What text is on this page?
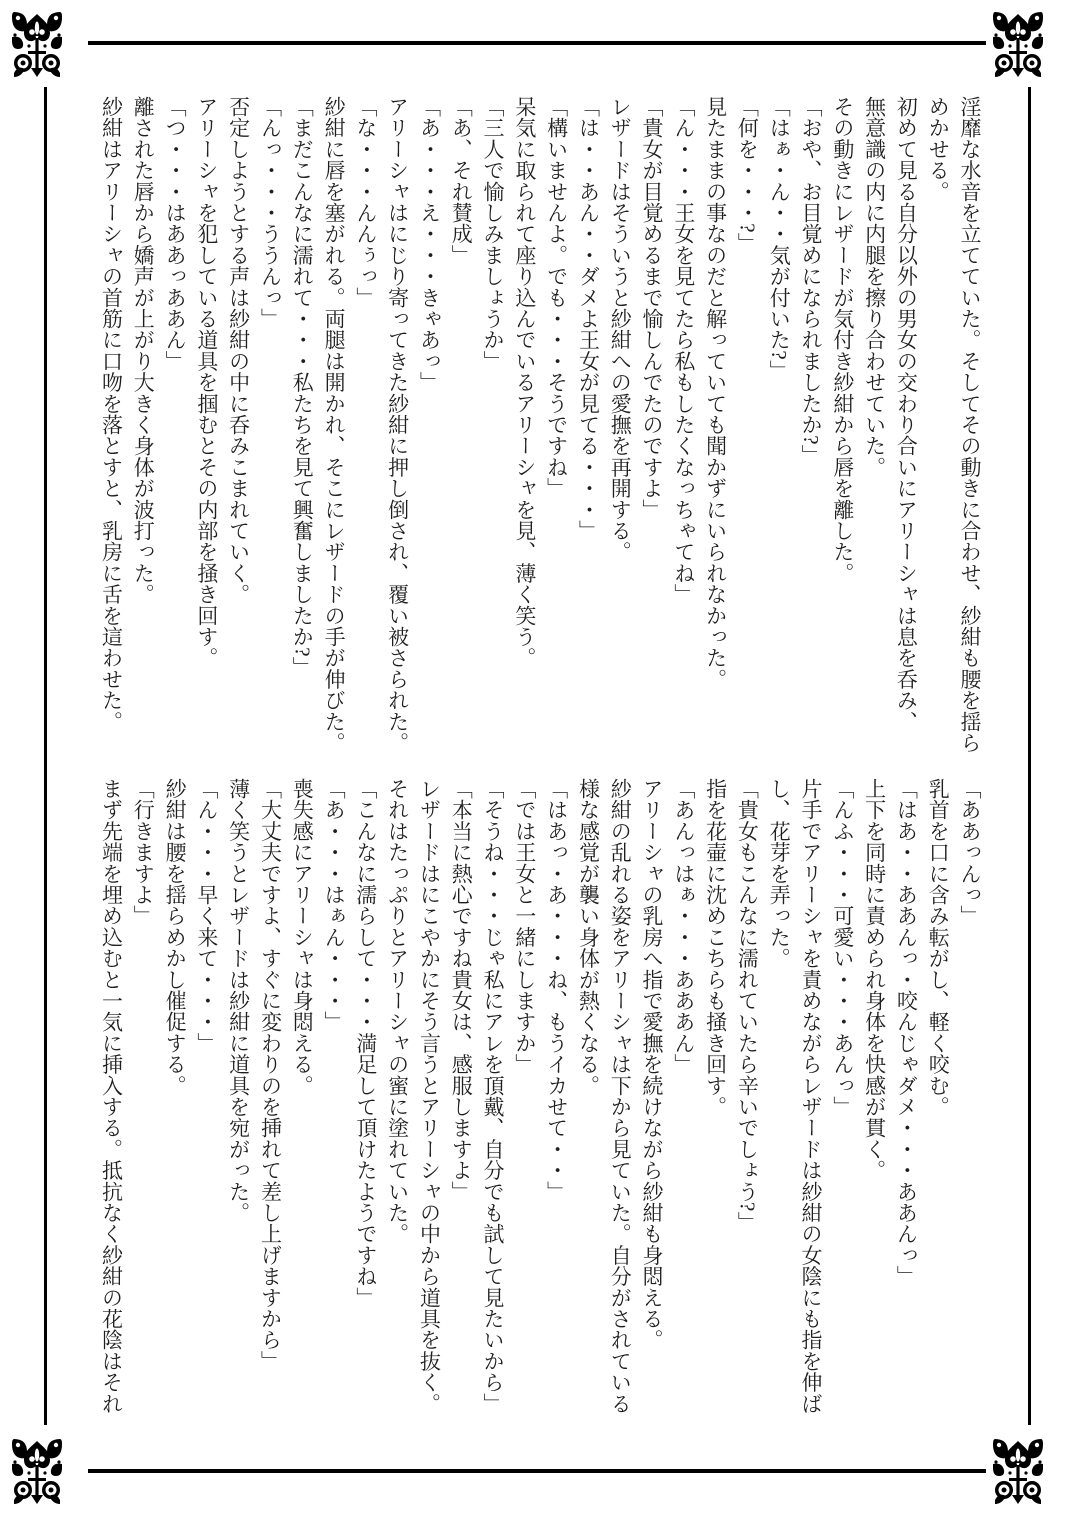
淫靡な水音を立てていた。そしてその動きに合わせ、紗紺も腰を揺ら

めかせる。

初めて見る自分以外の男女の交わり合いにアリーシャは息を呑み、

無意識の内に内腿を擦り合わせていた。

その動きにレザードが気付き紗紺から唇を離した。

「おや、お目覚めになられましたか?」

「はぁ・ん・・気が付いた?」

「何を・・・?」

見たままの事なのだと解っていても聞かずにいられなかった。

「ん・・・王女を見てたら私もしたくなっちゃてね」

「貴女が目覚めるまで愉しんでたのですよ」

レザードはそういうと紗紺への愛撫を再開する。

「は・・あん・・ダメよ王女が見てる・・・」

「構いませんよ。でも・・・そうですね」

呆気に取られて座り込んでいるアリーシャを見、薄く笑う。

「三人で愉しみましょうか」

「あ、それ賛成」

「あ・・・え・・・きゃあっ」

アリーシャはにじり寄ってきた紗紺に押し倒され、覆い被さられた。

「な・・・んんぅっ」

紗紺に唇を塞がれる。両腿は開かれ、そこにレザードの手が伸びた。

「まだこんなに濡れて・・・私たちを見て興奮しましたか?」

「んっ・・・ううんっ」

否定しようとする声は紗紺の中に呑みこまれていく。

アリーシャを犯している道具を掴むとその内部を掻き回す。

「つ・・・はああっああん」

離された唇から嬌声が上がり大きく身体が波打った。

紗紺はアリーシャの首筋に口吻を落とすと、乳房に舌を這わせた。

「ああっんっ」

乳首を口に含み転がし、軽く咬む。

「はあ・・ああんっ・咬んじゃダメ・・・ああんっ」

上下を同時に責められ身体を快感が貫く。

「んふ・・・可愛い・・・あんっ」

片手でアリーシャを責めながらレザードは紗紺の女陰にも指を伸ば

し、花芽を弄った。

「貴女もこんなに濡れていたら辛いでしょう?」

指を花壷に沈めこちらも掻き回す。

「あんっはぁ・・・あああん」

アリーシャの乳房へ指で愛撫を続けながら紗紺も身悶える。

紗紺の乱れる姿をアリーシャは下から見ていた。自分がされている

様な感覚が襲い身体が熱くなる。

「はあっ・あ・・・ね、もうイカせて・・」

「では王女と一緒にしますか」

「そうね・・・じゃ私にアレを頂戴、自分でも試して見たいから」

「本当に熱心ですね貴女は、感服しますよ」

レザードはにこやかにそう言うとアリーシャの中から道具を抜く。

それはたっぷりとアリーシャの蜜に塗れていた。

「こんなに濡らして・・・満足して頂けたようですね」

「あ・・・はぁん・・・」

喪失感にアリーシャは身悶える。

「大丈夫ですよ、すぐに変わりのを挿れて差し上げますから」

薄く笑うとレザードは紗紺に道具を宛がった。

「ん・・・早く来て・・・」

紗紺は腰を揺らめかし催促する。

「行きますよ」

まず先端を埋め込むと一気に挿入する。抵抗なく紗紺の花陰はそれ
